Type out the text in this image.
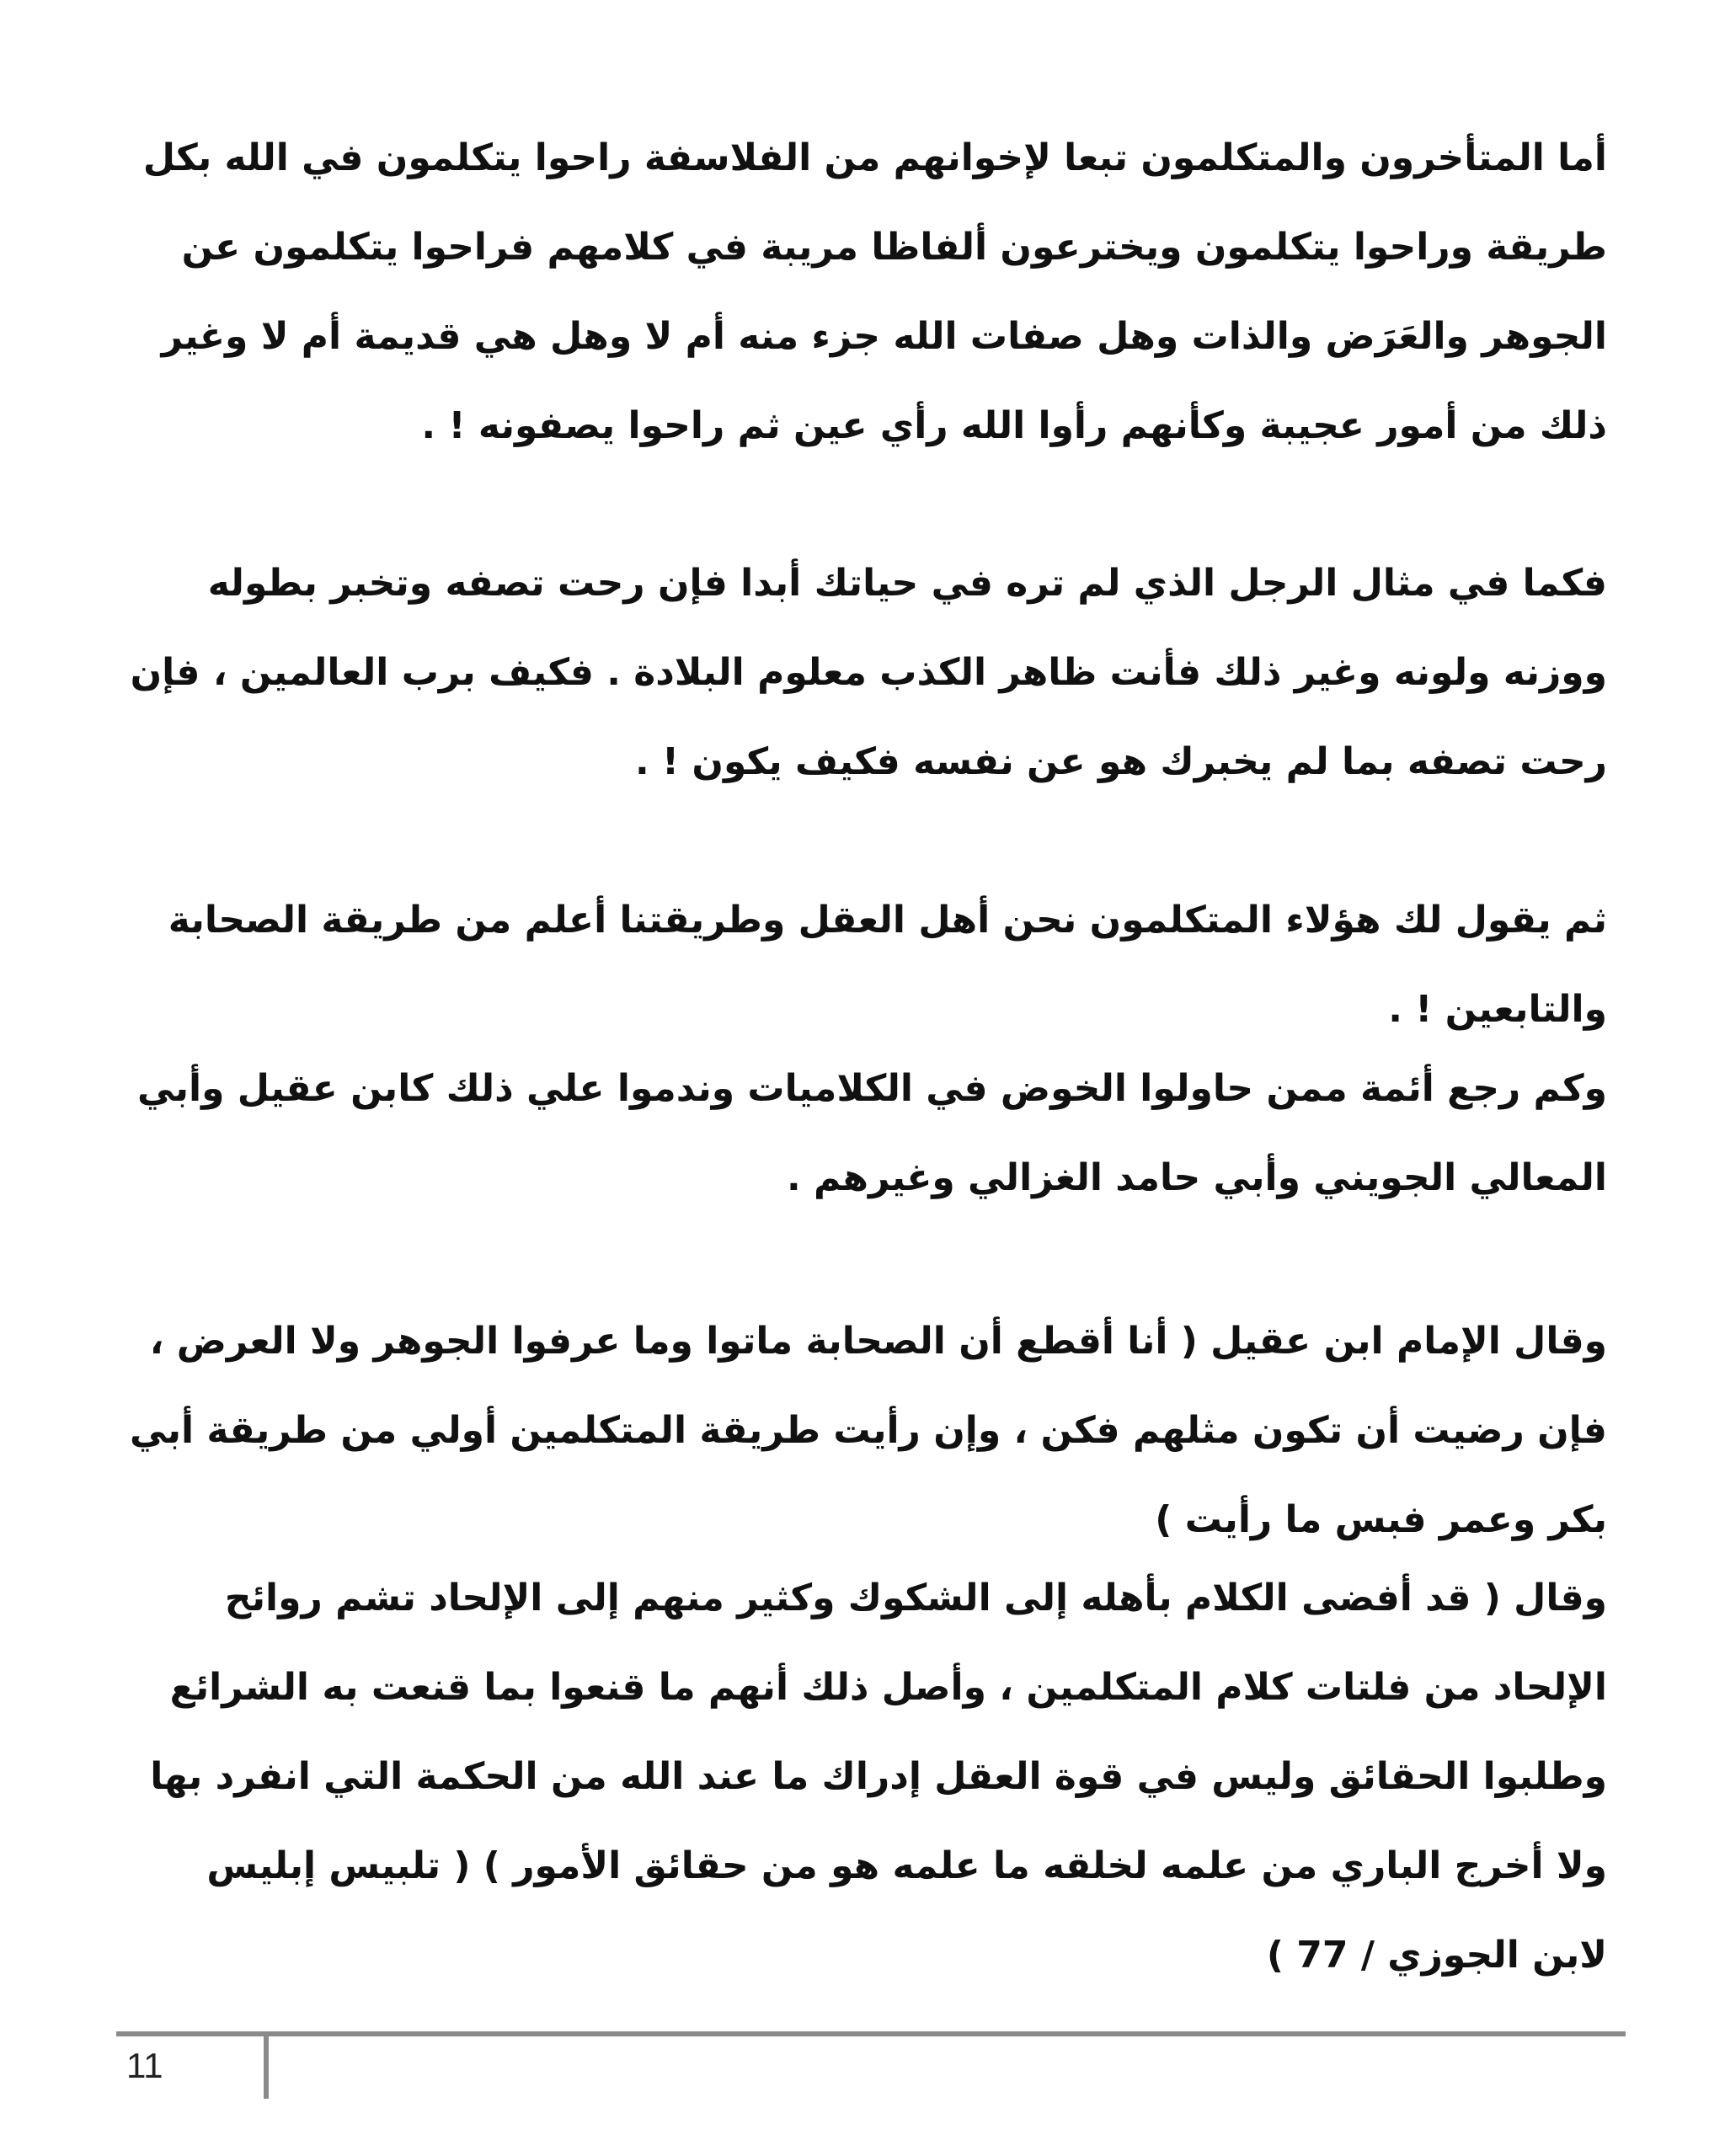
أما المتأخرون والمتكلمون تبعا لإخوانهم من الفلاسفة راحوا يتكلمون في الله بكل طريقة وراحوا يتكلمون ويخترعون ألفاظا مريبة في كلامهم فراحوا يتكلمون عن الجوهر والعَرَض والذات وهل صفات الله جزء منه أم لا وهل هي قديمة أم لا وغير ذلك من أمور عجيبة وكأنهم رأوا الله رأي عين ثم راحوا يصفونه ! .

فكما في مثال الرجل الذي لم تره في حياتك أبدا فإن رحت تصفه وتخبر بطوله ووزنه ولونه وغير ذلك فأنت ظاهر الكذب معلوم البلادة . فكيف برب العالمين ، فإن رحت تصفه بما لم يخبرك هو عن نفسه فكيف يكون ! .

ثم يقول لك هؤلاء المتكلمون نحن أهل العقل وطريقتنا أعلم من طريقة الصحابة والتابعين ! .

وكم رجع أئمة ممن حاولوا الخوض في الكلاميات وندموا علي ذلك كابن عقيل وأبي المعالي الجويني وأبي حامد الغزالي وغيرهم .

وقال الإمام ابن عقيل ( أنا أقطع أن الصحابة ماتوا وما عرفوا الجوهر ولا العرض ، فإن رضيت أن تكون مثلهم فكن ، وإن رأيت طريقة المتكلمين أولي من طريقة أبي بكر وعمر فبس ما رأيت )

وقال ( قد أفضى الكلام بأهله إلى الشكوك وكثير منهم إلى الإلحاد تشم روائح الإلحاد من فلتات كلام المتكلمين ، وأصل ذلك أنهم ما قنعوا بما قنعت به الشرائع وطلبوا الحقائق وليس في قوة العقل إدراك ما عند الله من الحكمة التي انفرد بها ولا أخرج الباري من علمه لخلقه ما علمه هو من حقائق الأمور ) ( تلبيس إبليس لابن الجوزي / 77 )

11
